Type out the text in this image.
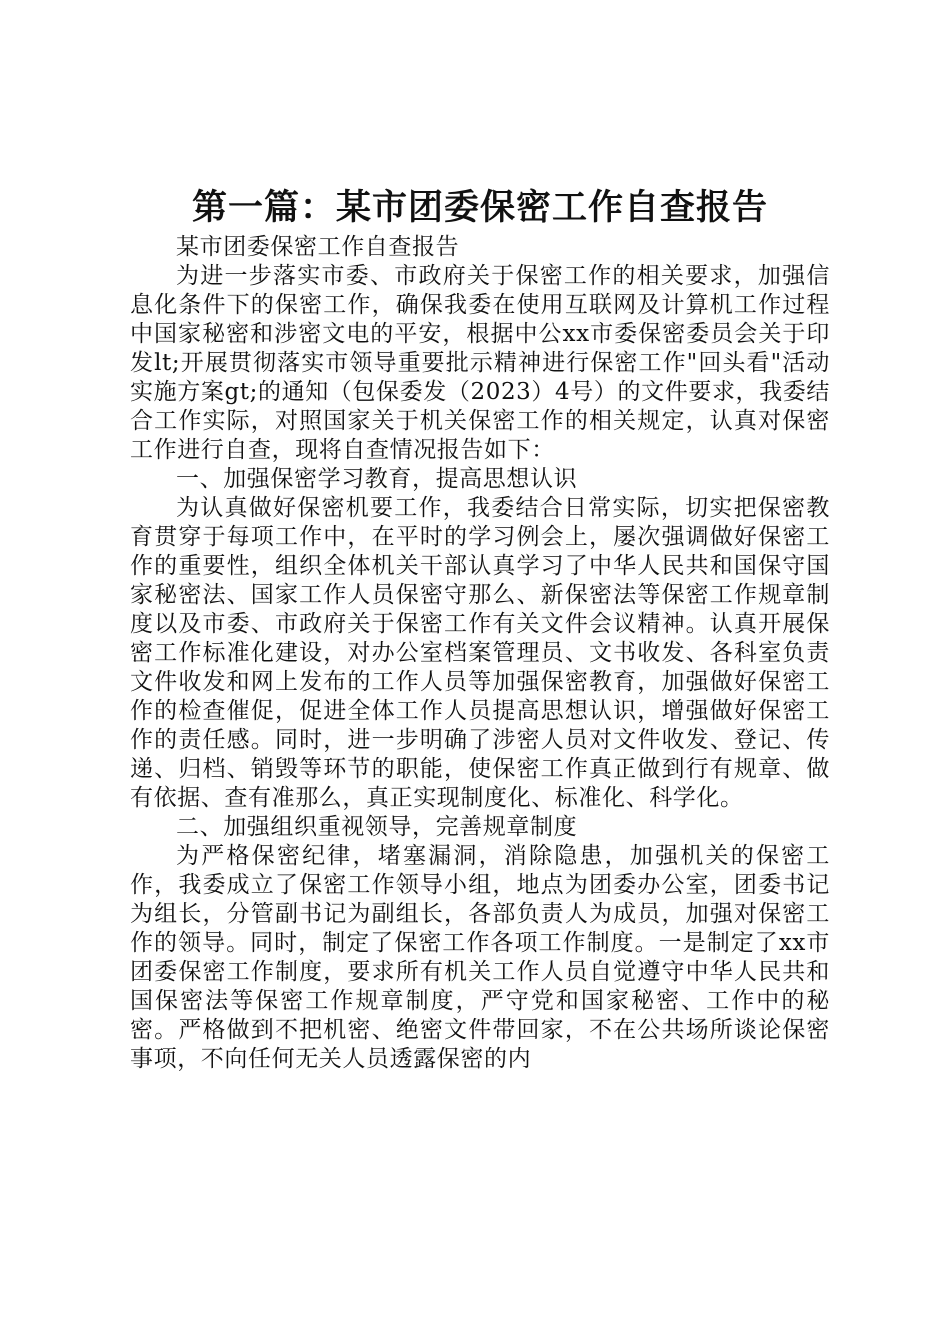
第一篇：某市团委保密工作自查报告

某市团委保密工作自查报告

为进一步落实市委、市政府关于保密工作的相关要求，加强信息化条件下的保密工作，确保我委在使用互联网及计算机工作过程中国家秘密和涉密文电的平安，根据中公xx市委保密委员会关于印发lt;开展贯彻落实市领导重要批示精神进行保密工作"回头看"活动实施方案gt;的通知（包保委发（2023）4号）的文件要求，我委结合工作实际，对照国家关于机关保密工作的相关规定，认真对保密工作进行自查，现将自查情况报告如下：

一、加强保密学习教育，提高思想认识

为认真做好保密机要工作，我委结合日常实际，切实把保密教育贯穿于每项工作中，在平时的学习例会上，屡次强调做好保密工作的重要性，组织全体机关干部认真学习了中华人民共和国保守国家秘密法、国家工作人员保密守那么、新保密法等保密工作规章制度以及市委、市政府关于保密工作有关文件会议精神。认真开展保密工作标准化建设，对办公室档案管理员、文书收发、各科室负责文件收发和网上发布的工作人员等加强保密教育，加强做好保密工作的检查催促，促进全体工作人员提高思想认识，增强做好保密工作的责任感。同时，进一步明确了涉密人员对文件收发、登记、传递、归档、销毁等环节的职能，使保密工作真正做到行有规章、做有依据、查有准那么，真正实现制度化、标准化、科学化。

二、加强组织重视领导，完善规章制度

为严格保密纪律，堵塞漏洞，消除隐患，加强机关的保密工作，我委成立了保密工作领导小组，地点为团委办公室，团委书记为组长，分管副书记为副组长，各部负责人为成员，加强对保密工作的领导。同时，制定了保密工作各项工作制度。一是制定了xx市团委保密工作制度，要求所有机关工作人员自觉遵守中华人民共和国保密法等保密工作规章制度，严守党和国家秘密、工作中的秘密。严格做到不把机密、绝密文件带回家，不在公共场所谈论保密事项，不向任何无关人员透露保密的内
